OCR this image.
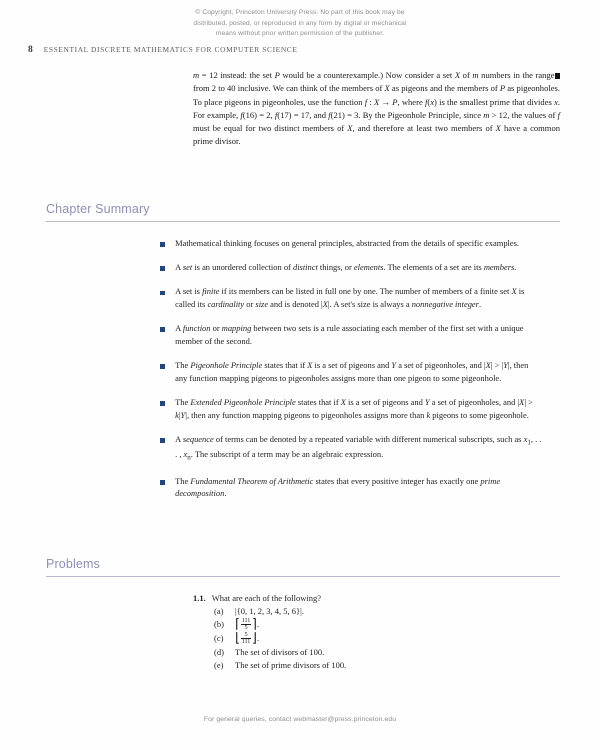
© Copyright, Princeton University Press. No part of this book may be
distributed, posted, or reproduced in any form by digital or mechanical
means without prior written permission of the publisher.
8 ESSENTIAL DISCRETE MATHEMATICS FOR COMPUTER SCIENCE
m = 12 instead: the set P would be a counterexample.) Now consider a set X of m numbers in the range from 2 to 40 inclusive. We can think of the members of X as pigeons and the members of P as pigeonholes. To place pigeons in pigeonholes, use the function f : X → P, where f(x) is the smallest prime that divides x. For example, f(16) = 2, f(17) = 17, and f(21) = 3. By the Pigeonhole Principle, since m > 12, the values of f must be equal for two distinct members of X, and therefore at least two members of X have a common prime divisor.
Chapter Summary
Mathematical thinking focuses on general principles, abstracted from the details of specific examples.
A set is an unordered collection of distinct things, or elements. The elements of a set are its members.
A set is finite if its members can be listed in full one by one. The number of members of a finite set X is called its cardinality or size and is denoted |X|. A set's size is always a nonnegative integer.
A function or mapping between two sets is a rule associating each member of the first set with a unique member of the second.
The Pigeonhole Principle states that if X is a set of pigeons and Y a set of pigeonholes, and |X| > |Y|, then any function mapping pigeons to pigeonholes assigns more than one pigeon to some pigeonhole.
The Extended Pigeonhole Principle states that if X is a set of pigeons and Y a set of pigeonholes, and |X| > k|Y|, then any function mapping pigeons to pigeonholes assigns more than k pigeons to some pigeonhole.
A sequence of terms can be denoted by a repeated variable with different numerical subscripts, such as $x_1$, . . . , $x_n$. The subscript of a term may be an algebraic expression.
The Fundamental Theorem of Arithmetic states that every positive integer has exactly one prime decomposition.
Problems
1.1. What are each of the following?
(a)	|{0, 1, 2, 3, 4, 5, 6}|.
(b) ⌈ $\frac{111}{5}$ ⌉.
(c) ⌊ $\frac{5}{111}$ ⌋.
(d)	The set of divisors of 100.
(e)	The set of prime divisors of 100.
For general queries, contact webmaster@press.princeton.edu
